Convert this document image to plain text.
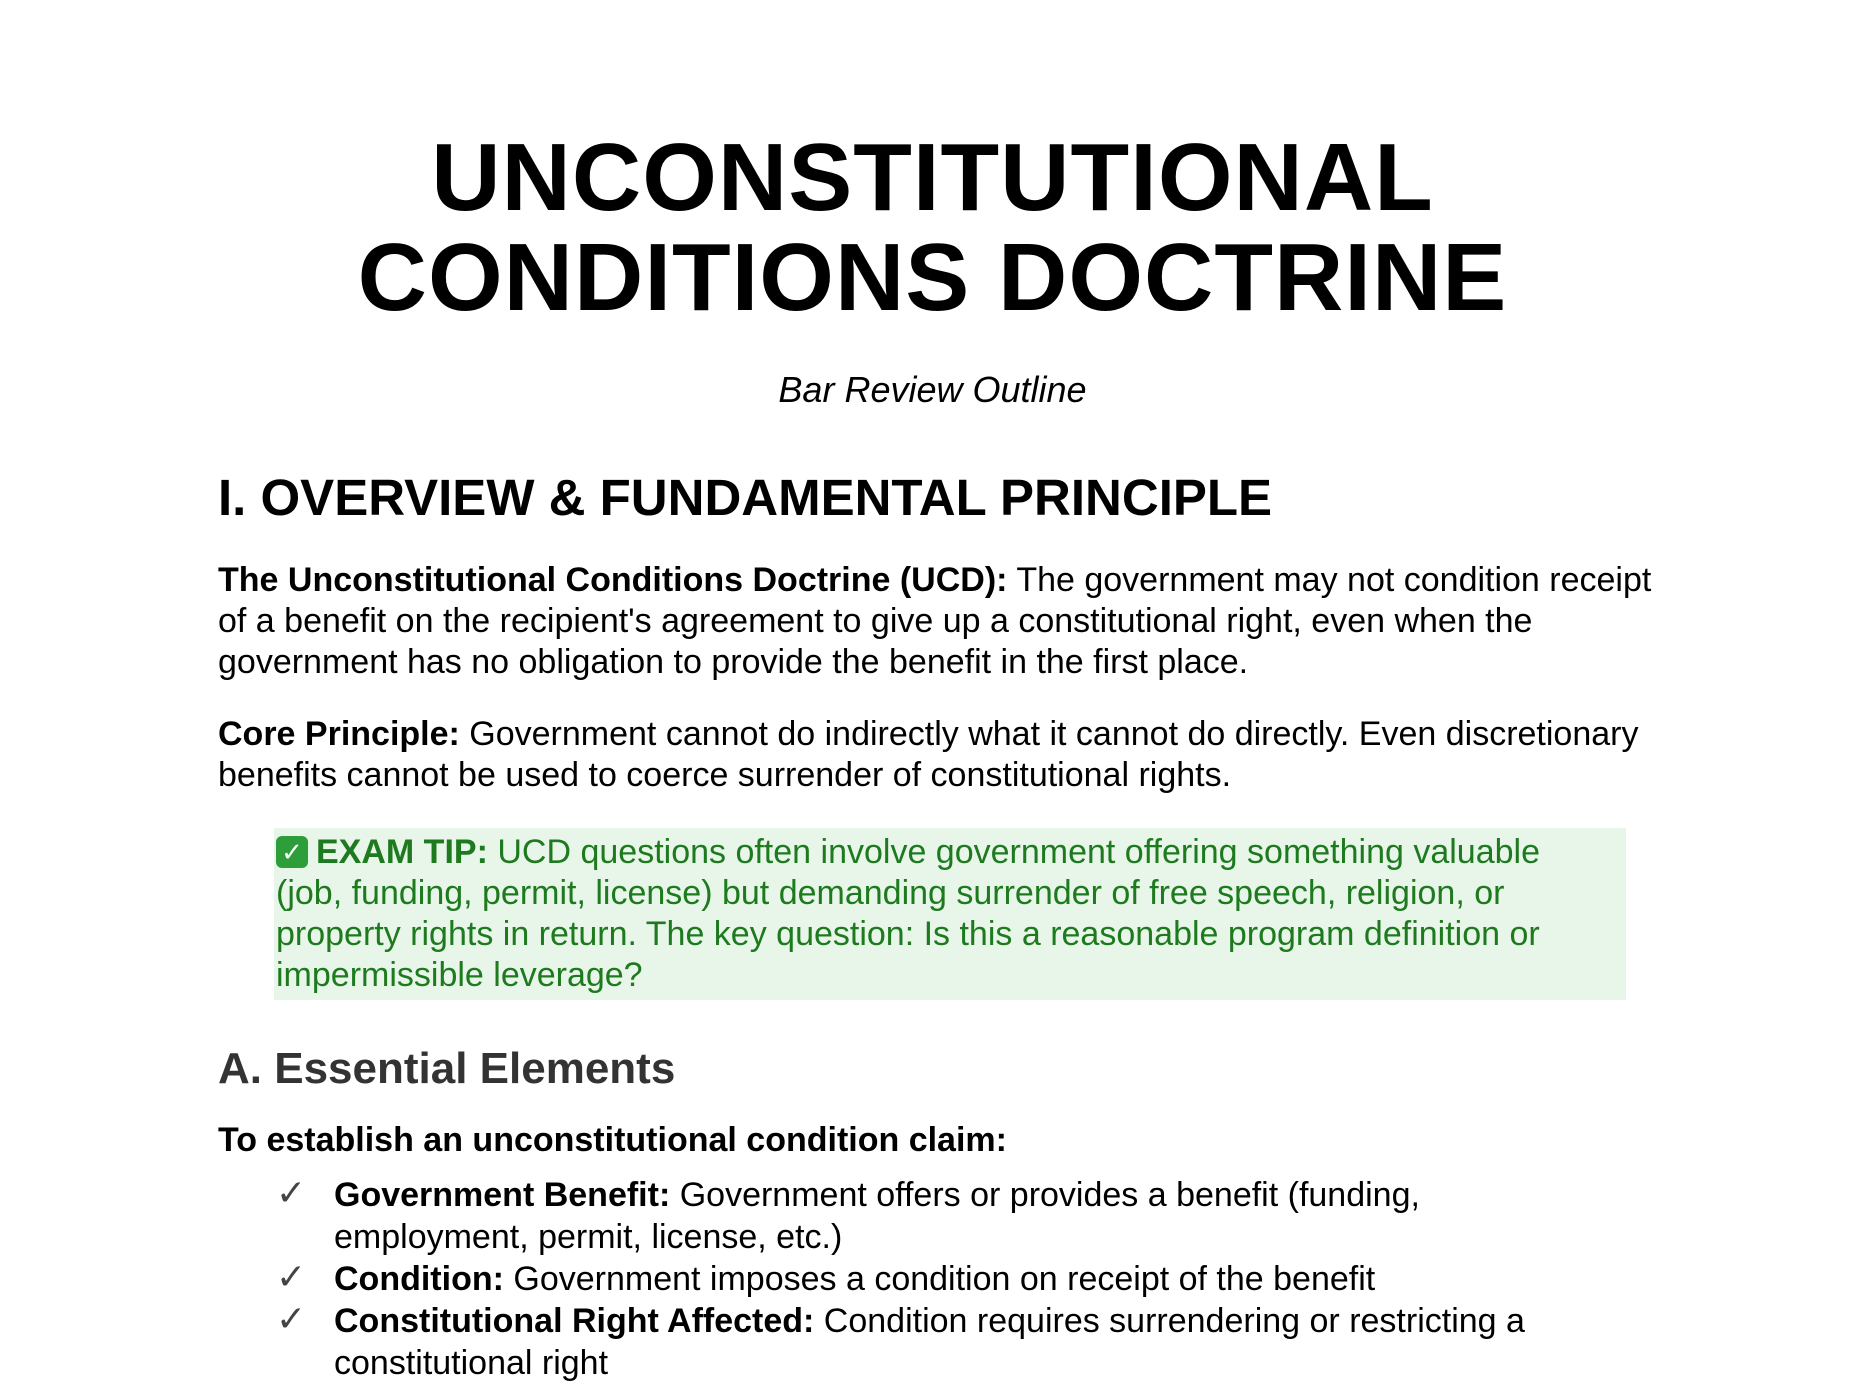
UNCONSTITUTIONAL
CONDITIONS DOCTRINE
Bar Review Outline
I. OVERVIEW & FUNDAMENTAL PRINCIPLE

The Unconstitutional Conditions Doctrine (UCD): The government may not condition receipt of a benefit on the recipient's agreement to give up a constitutional right, even when the government has no obligation to provide the benefit in the first place.

Core Principle: Government cannot do indirectly what it cannot do directly. Even discretionary benefits cannot be used to coerce surrender of constitutional rights.

✓ EXAM TIP: UCD questions often involve government offering something valuable (job, funding, permit, license) but demanding surrender of free speech, religion, or property rights in return. The key question: Is this a reasonable program definition or impermissible leverage?
A. Essential Elements

To establish an unconstitutional condition claim:

✓ Government Benefit: Government offers or provides a benefit (funding, employment, permit, license, etc.)
✓ Condition: Government imposes a condition on receipt of the benefit
✓ Constitutional Right Affected: Condition requires surrendering or restricting a constitutional right
